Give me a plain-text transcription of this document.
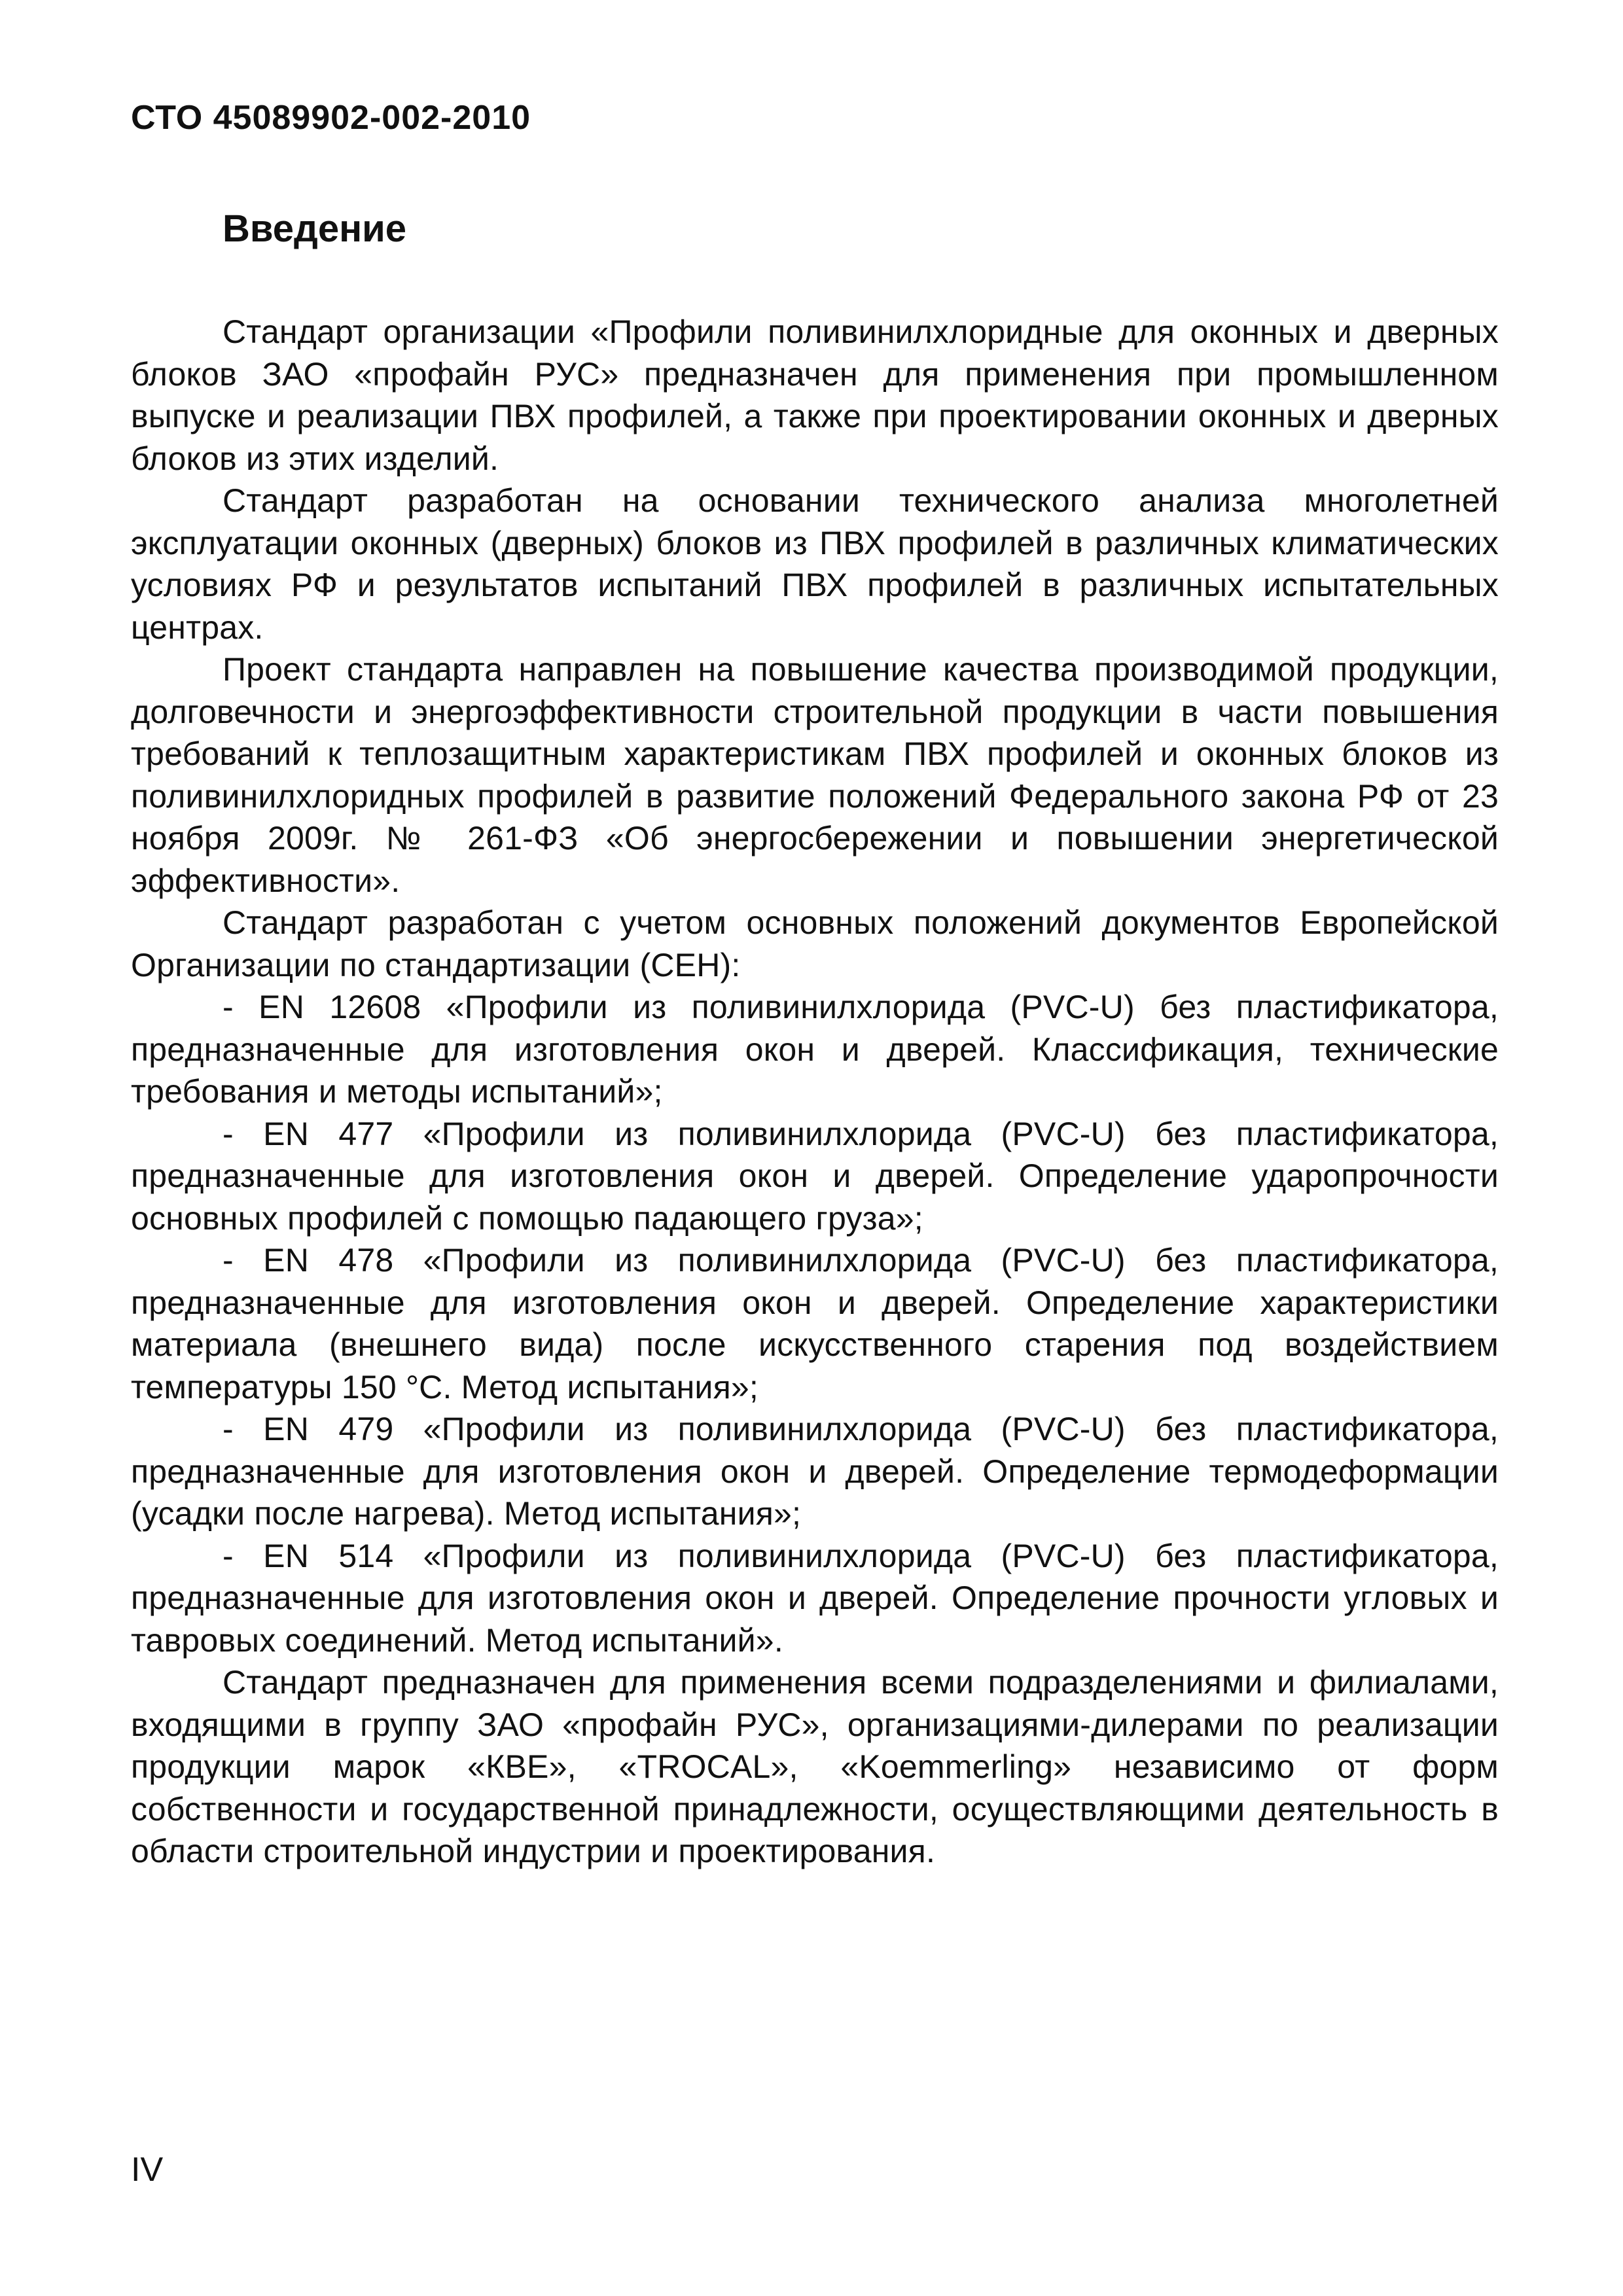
СТО 45089902-002-2010
Введение

Стандарт организации «Профили поливинилхлоридные для оконных и дверных блоков ЗАО «профайн РУС» предназначен для применения при промышленном выпуске и реализации ПВХ профилей, а также при проектировании оконных и дверных блоков из этих изделий.

Стандарт разработан на основании технического анализа многолетней эксплуатации оконных (дверных) блоков из ПВХ профилей в различных климатических условиях РФ и результатов испытаний ПВХ профилей в различных испытательных центрах.

Проект стандарта направлен на повышение качества производимой продукции, долговечности и энергоэффективности строительной продукции в части повышения требований к теплозащитным характеристикам ПВХ профилей и оконных блоков из поливинилхлоридных профилей в развитие положений Федерального закона РФ от 23 ноября 2009г. № 261-ФЗ «Об энергосбережении и повышении энергетической эффективности».

Стандарт разработан с учетом основных положений документов Европейской Организации по стандартизации (СЕН):

- EN 12608 «Профили из поливинилхлорида (PVC-U) без пластификатора, предназначенные для изготовления окон и дверей. Классификация, технические требования и методы испытаний»;

- EN 477 «Профили из поливинилхлорида (PVC-U) без пластификатора, предназначенные для изготовления окон и дверей. Определение ударопрочности основных профилей с помощью падающего груза»;

- EN 478 «Профили из поливинилхлорида (PVC-U) без пластификатора, предназначенные для изготовления окон и дверей. Определение характеристики материала (внешнего вида) после искусственного старения под воздействием температуры 150 °С. Метод испытания»;

- EN 479 «Профили из поливинилхлорида (PVC-U) без пластификатора, предназначенные для изготовления окон и дверей. Определение термодеформации (усадки после нагрева). Метод испытания»;

- EN 514 «Профили из поливинилхлорида (PVC-U) без пластификатора, предназначенные для изготовления окон и дверей. Определение прочности угловых и тавровых соединений. Метод испытаний».

Стандарт предназначен для применения всеми подразделениями и филиалами, входящими в группу ЗАО «профайн РУС», организациями-дилерами по реализации продукции марок «КВЕ», «TROCAL», «Koemmerling» независимо от форм собственности и государственной принадлежности, осуществляющими деятельность в области строительной индустрии и проектирования.

IV
